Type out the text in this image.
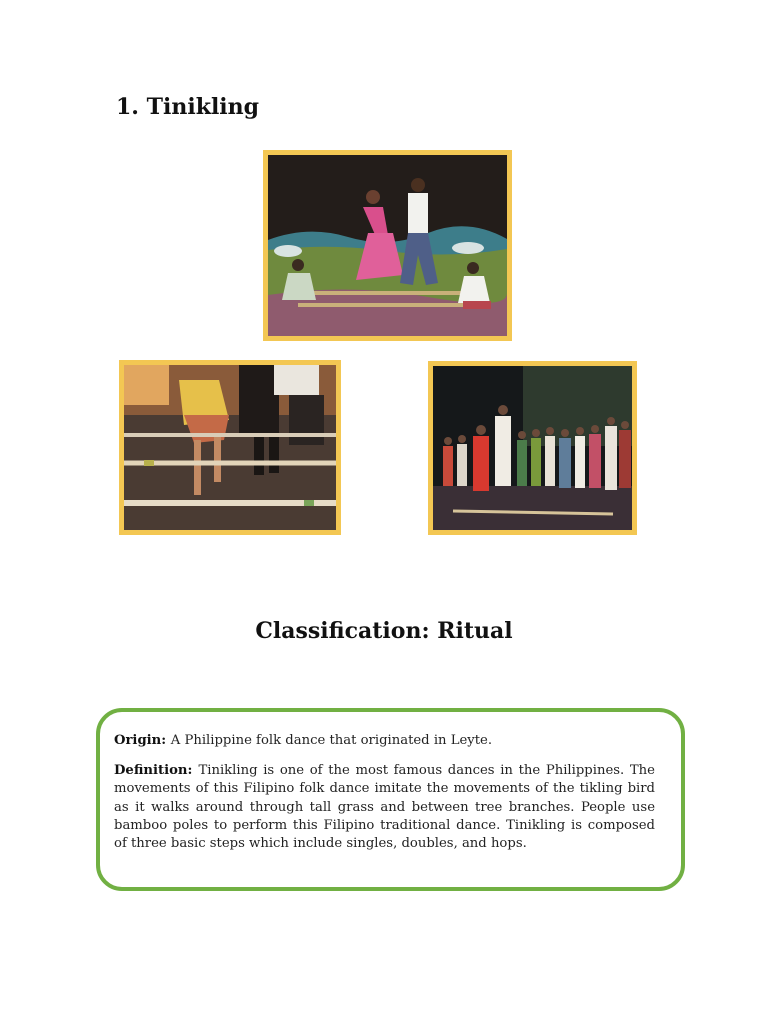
1. Tinikling
Classification: Ritual

Origin: A Philippine folk dance that originated in Leyte.

Definition: Tinikling is one of the most famous dances in the Philippines. The movements of this Filipino folk dance imitate the movements of the tikling bird as it walks around through tall grass and between tree branches. People use bamboo poles to perform this Filipino traditional dance. Tinikling is composed of three basic steps which include singles, doubles, and hops.
